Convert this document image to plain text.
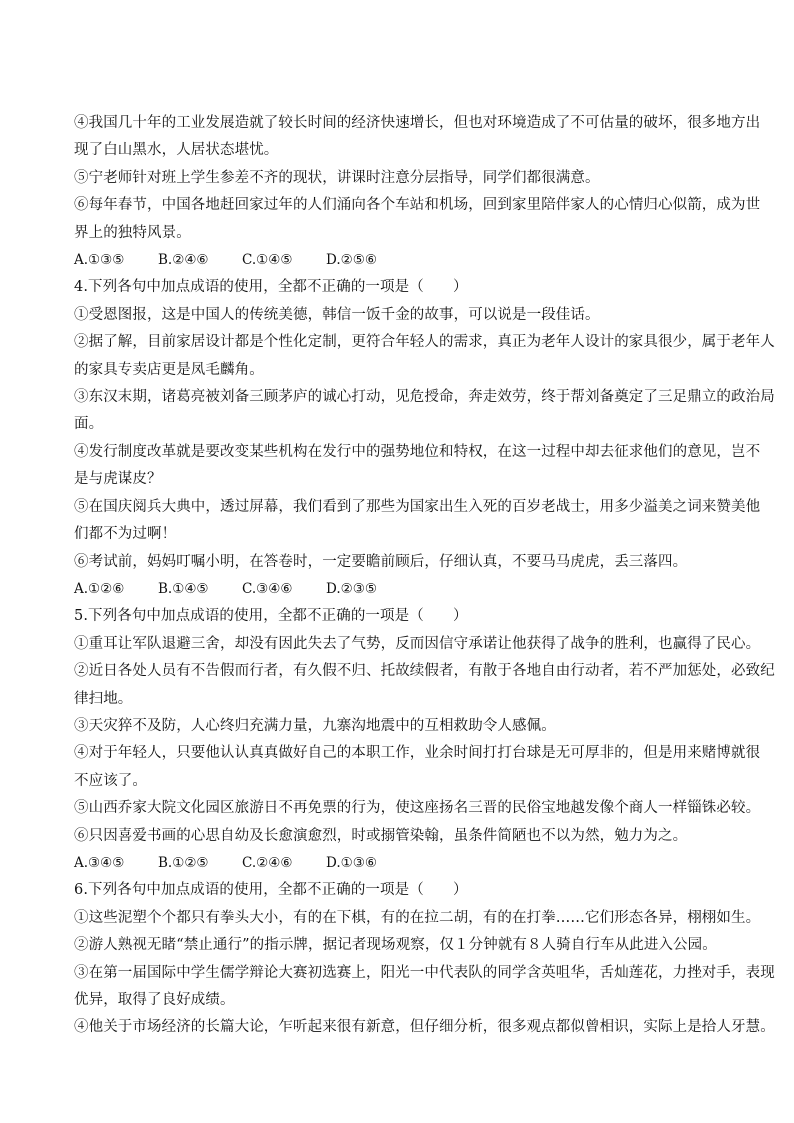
④我国几十年的工业发展造就了较长时间的经济快速增长，但也对环境造成了不可估量的破坏，很多地方出
现了白山黑水，人居状态堪忧。
⑤宁老师针对班上学生参差不齐的现状，讲课时注意分层指导，同学们都很满意。
⑥每年春节，中国各地赶回家过年的人们涌向各个车站和机场，回到家里陪伴家人的心情归心似箭，成为世
界上的独特风景。
A.①③⑤	B.②④⑥	C.①④⑤	D.②⑤⑥
4.下列各句中加点成语的使用，全都不正确的一项是（　　）
①受恩图报，这是中国人的传统美德，韩信一饭千金的故事，可以说是一段佳话。
②据了解，目前家居设计都是个性化定制，更符合年轻人的需求，真正为老年人设计的家具很少，属于老年人
的家具专卖店更是凤毛麟角。
③东汉末期，诸葛亮被刘备三顾茅庐的诚心打动，见危授命，奔走效劳，终于帮刘备奠定了三足鼎立的政治局
面。
④发行制度改革就是要改变某些机构在发行中的强势地位和特权，在这一过程中却去征求他们的意见，岂不
是与虎谋皮？
⑤在国庆阅兵大典中，透过屏幕，我们看到了那些为国家出生入死的百岁老战士，用多少溢美之词来赞美他
们都不为过啊！
⑥考试前，妈妈叮嘱小明，在答卷时，一定要瞻前顾后，仔细认真，不要马马虎虎，丢三落四。
A.①②⑥	B.①④⑤	C.③④⑥	D.②③⑤
5.下列各句中加点成语的使用，全都不正确的一项是（　　）
①重耳让军队退避三舍，却没有因此失去了气势，反而因信守承诺让他获得了战争的胜利，也赢得了民心。
②近日各处人员有不告假而行者，有久假不归、托故续假者，有散于各地自由行动者，若不严加惩处，必致纪
律扫地。
③天灾猝不及防，人心终归充满力量，九寨沟地震中的互相救助令人感佩。
④对于年轻人，只要他认认真真做好自己的本职工作，业余时间打打台球是无可厚非的，但是用来赌博就很
不应该了。
⑤山西乔家大院文化园区旅游日不再免票的行为，使这座扬名三晋的民俗宝地越发像个商人一样锱铢必较。
⑥只因喜爱书画的心思自幼及长愈演愈烈，时或搦管染翰，虽条件简陋也不以为然，勉力为之。
A.③④⑤	B.①②⑤	C.②④⑥	D.①③⑥
6.下列各句中加点成语的使用，全都不正确的一项是（　　）
①这些泥塑个个都只有拳头大小，有的在下棋，有的在拉二胡，有的在打拳……它们形态各异，栩栩如生。
②游人熟视无睹“禁止通行”的指示牌，据记者现场观察，仅１分钟就有８人骑自行车从此进入公园。
③在第一届国际中学生儒学辩论大赛初选赛上，阳光一中代表队的同学含英咀华，舌灿莲花，力挫对手，表现
优异，取得了良好成绩。
④他关于市场经济的长篇大论，乍听起来很有新意，但仔细分析，很多观点都似曾相识，实际上是拾人牙慧。
